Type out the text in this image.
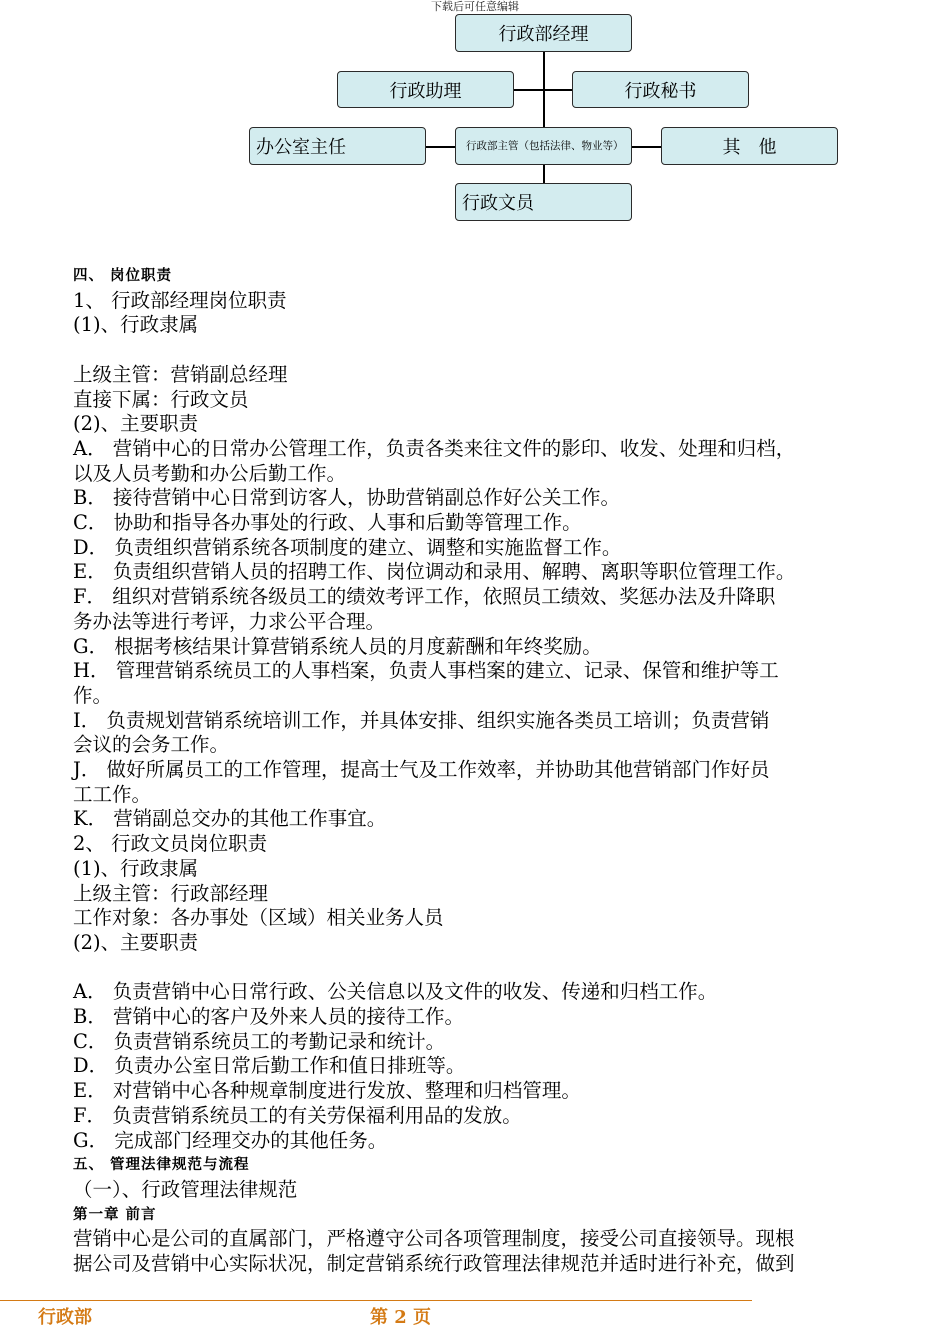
下载后可任意编辑
行政部经理
行政助理	行政秘书
办公室主任	行政部主管（包括法律、物业等）	其　他
行政文员
四、 岗位职责
1、 行政部经理岗位职责
(1)、行政隶属
上级主管：营销副总经理
直接下属：行政文员
(2)、主要职责
A． 营销中心的日常办公管理工作，负责各类来往文件的影印、收发、处理和归档，
以及人员考勤和办公后勤工作。
B． 接待营销中心日常到访客人，协助营销副总作好公关工作。
C． 协助和指导各办事处的行政、人事和后勤等管理工作。
D． 负责组织营销系统各项制度的建立、调整和实施监督工作。
E． 负责组织营销人员的招聘工作、岗位调动和录用、解聘、离职等职位管理工作。
F． 组织对营销系统各级员工的绩效考评工作，依照员工绩效、奖惩办法及升降职
务办法等进行考评，力求公平合理。
G． 根据考核结果计算营销系统人员的月度薪酬和年终奖励。
H． 管理营销系统员工的人事档案，负责人事档案的建立、记录、保管和维护等工
作。
I． 负责规划营销系统培训工作，并具体安排、组织实施各类员工培训；负责营销
会议的会务工作。
J． 做好所属员工的工作管理，提高士气及工作效率，并协助其他营销部门作好员
工工作。
K． 营销副总交办的其他工作事宜。
2、 行政文员岗位职责
(1)、行政隶属
上级主管：行政部经理
工作对象：各办事处（区域）相关业务人员
(2)、主要职责
A． 负责营销中心日常行政、公关信息以及文件的收发、传递和归档工作。
B． 营销中心的客户及外来人员的接待工作。
C． 负责营销系统员工的考勤记录和统计。
D． 负责办公室日常后勤工作和值日排班等。
E． 对营销中心各种规章制度进行发放、整理和归档管理。
F． 负责营销系统员工的有关劳保福利用品的发放。
G． 完成部门经理交办的其他任务。
五、 管理法律规范与流程
（一）、行政管理法律规范
第一章 前言
营销中心是公司的直属部门，严格遵守公司各项管理制度，接受公司直接领导。现根
据公司及营销中心实际状况，制定营销系统行政管理法律规范并适时进行补充，做到
行政部	第 2 页
